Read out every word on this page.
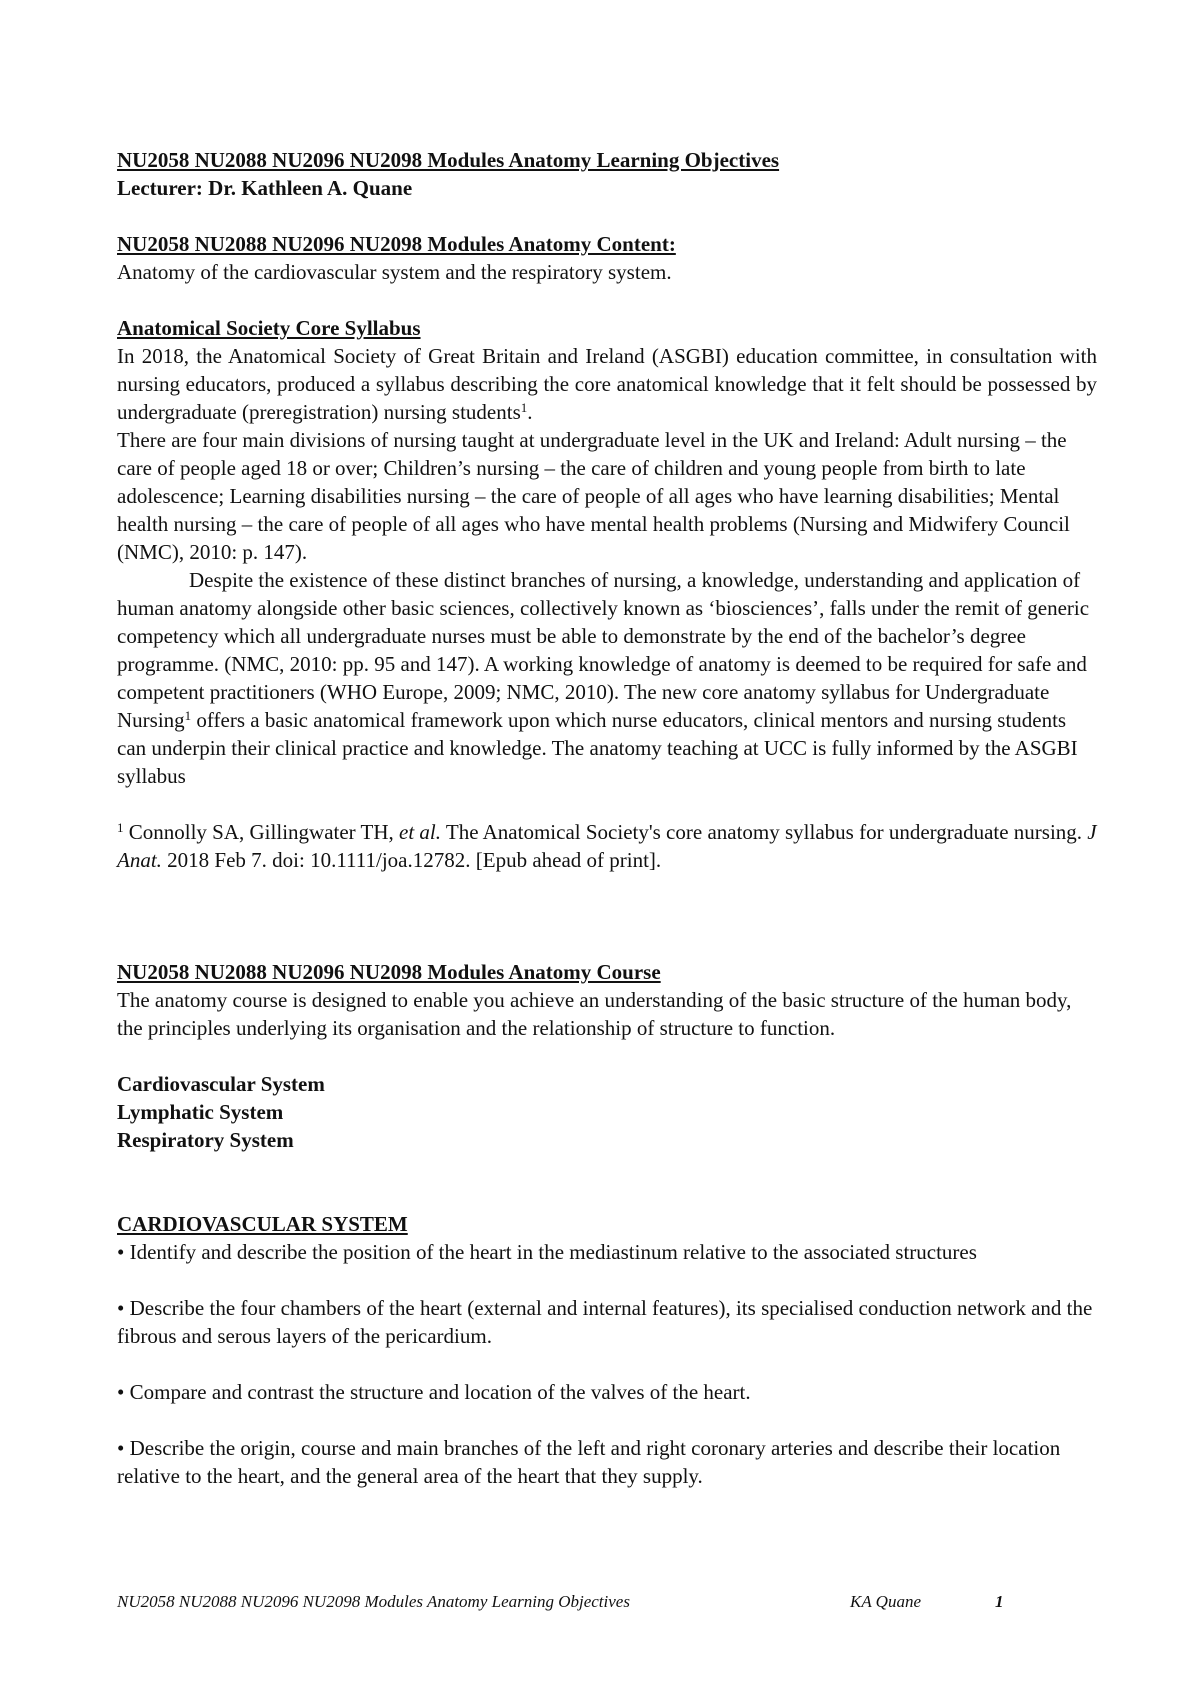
NU2058 NU2088 NU2096 NU2098 Modules Anatomy Learning Objectives
Lecturer: Dr. Kathleen A. Quane
NU2058 NU2088 NU2096 NU2098 Modules Anatomy Content:
Anatomy of the cardiovascular system and the respiratory system.
Anatomical Society Core Syllabus

In 2018, the Anatomical Society of Great Britain and Ireland (ASGBI) education committee, in consultation with nursing educators, produced a syllabus describing the core anatomical knowledge that it felt should be possessed by undergraduate (preregistration) nursing students$^1$.

There are four main divisions of nursing taught at undergraduate level in the UK and Ireland: Adult nursing – the care of people aged 18 or over; Children’s nursing – the care of children and young people from birth to late adolescence; Learning disabilities nursing – the care of people of all ages who have learning disabilities; Mental health nursing – the care of people of all ages who have mental health problems (Nursing and Midwifery Council (NMC), 2010: p. 147).

Despite the existence of these distinct branches of nursing, a knowledge, understanding and application of human anatomy alongside other basic sciences, collectively known as ‘biosciences’, falls under the remit of generic competency which all undergraduate nurses must be able to demonstrate by the end of the bachelor’s degree programme. (NMC, 2010: pp. 95 and 147). A working knowledge of anatomy is deemed to be required for safe and competent practitioners (WHO Europe, 2009; NMC, 2010). The new core anatomy syllabus for Undergraduate Nursing$^1$ offers a basic anatomical framework upon which nurse educators, clinical mentors and nursing students can underpin their clinical practice and knowledge. The anatomy teaching at UCC is fully informed by the ASGBI syllabus

$^1$ Connolly SA, Gillingwater TH, et al. The Anatomical Society's core anatomy syllabus for undergraduate nursing. J Anat. 2018 Feb 7. doi: 10.1111/joa.12782. [Epub ahead of print].

NU2058 NU2088 NU2096 NU2098 Modules Anatomy Course

The anatomy course is designed to enable you achieve an understanding of the basic structure of the human body, the principles underlying its organisation and the relationship of structure to function.

Cardiovascular System
Lymphatic System
Respiratory System
CARDIOVASCULAR SYSTEM

• Identify and describe the position of the heart in the mediastinum relative to the associated structures

• Describe the four chambers of the heart (external and internal features), its specialised conduction network and the fibrous and serous layers of the pericardium.

• Compare and contrast the structure and location of the valves of the heart.

• Describe the origin, course and main branches of the left and right coronary arteries and describe their location relative to the heart, and the general area of the heart that they supply.

NU2058 NU2088 NU2096 NU2098 Modules Anatomy Learning Objectives	KA Quane	1
